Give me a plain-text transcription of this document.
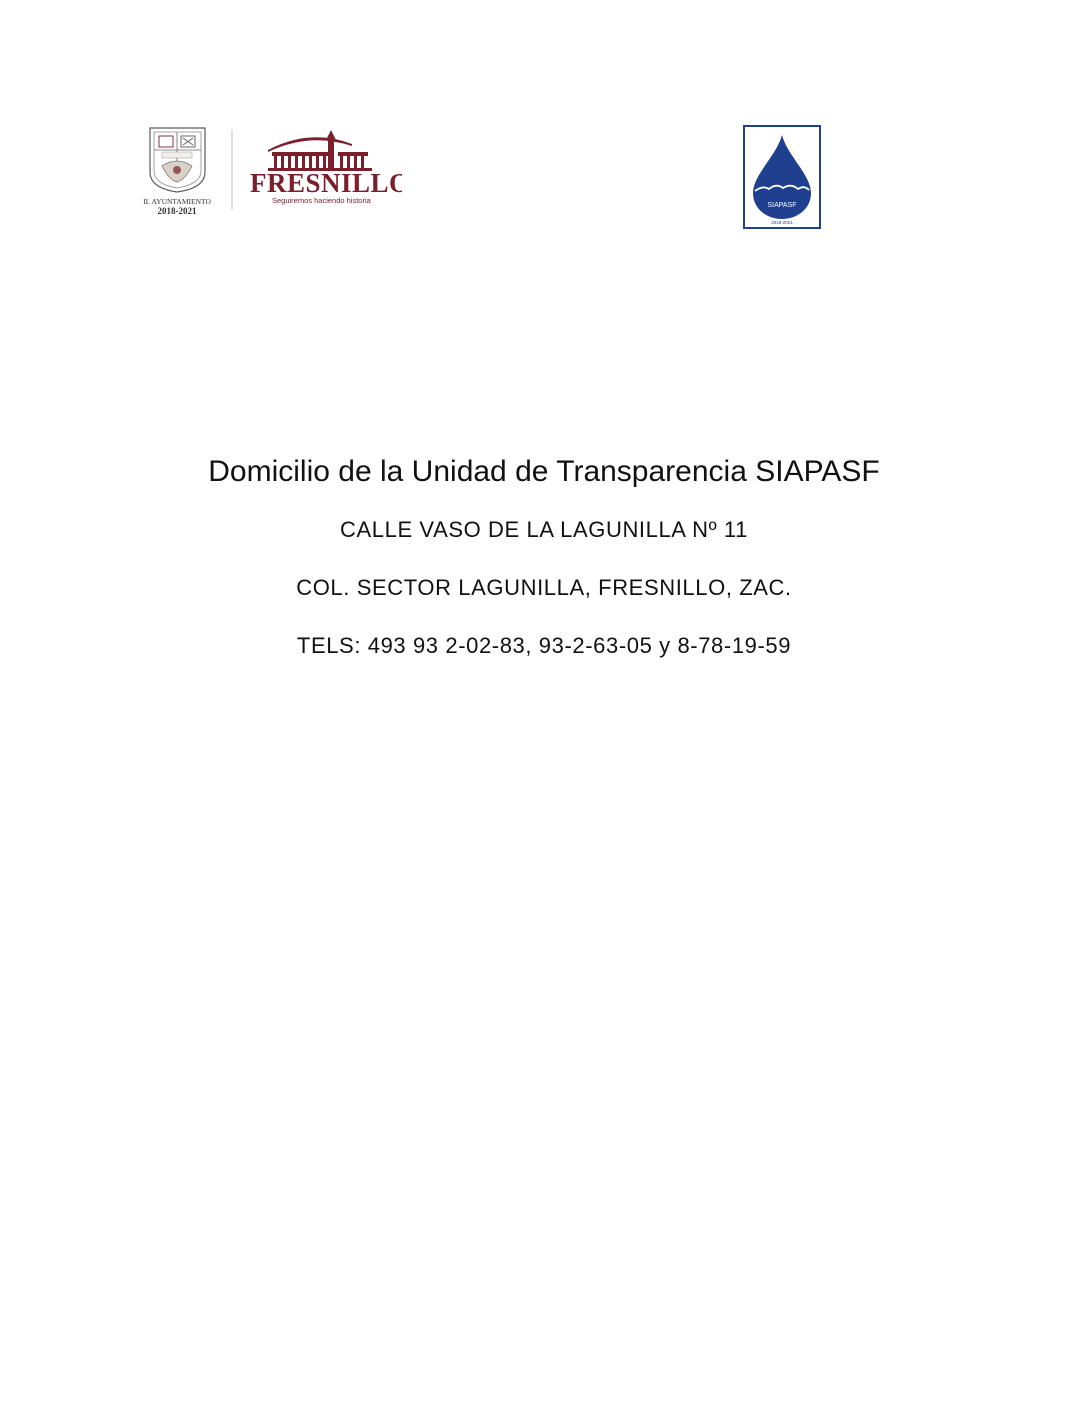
II. AYUNTAMIENTO
2018-2021
FRESNILLO
Seguiremos haciendo historia
SIAPASF
2018-2021
Domicilio de la Unidad de Transparencia SIAPASF
CALLE VASO DE LA LAGUNILLA Nº 11
COL. SECTOR LAGUNILLA, FRESNILLO, ZAC.
TELS: 493 93 2-02-83, 93-2-63-05 y 8-78-19-59
